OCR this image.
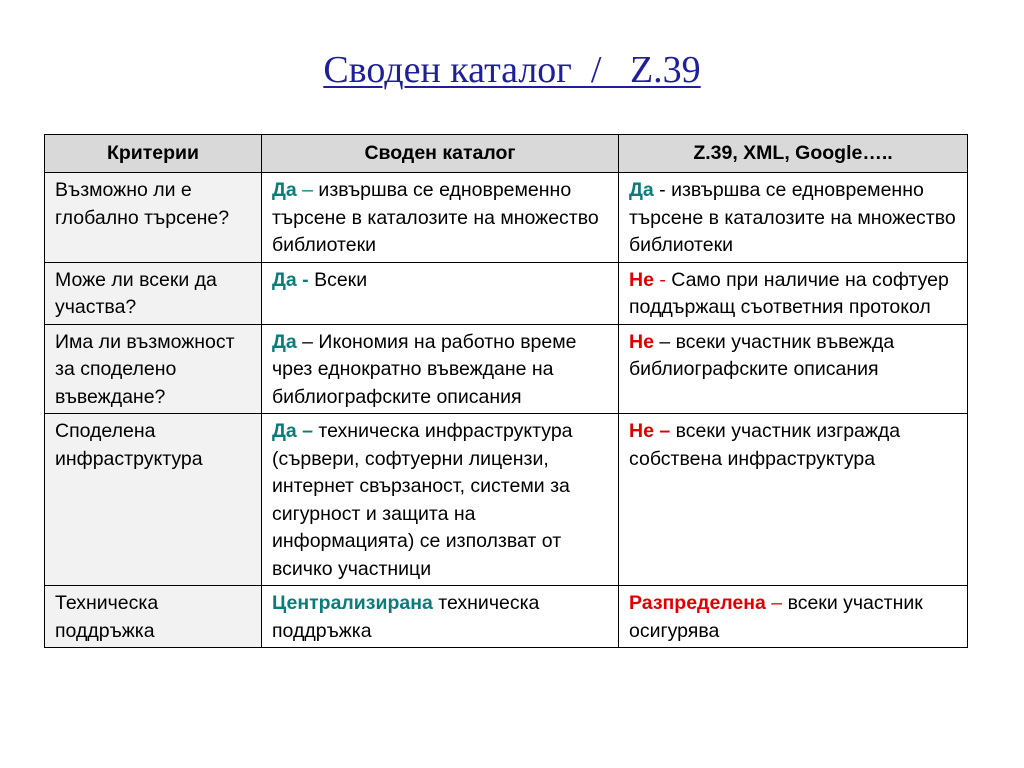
Сводeн каталог  /   Z.39
Критерии	Своден каталог	Z.39, XML, Google…..
Възможно ли е глобално търсене?	Да – извършва се едновременно търсене в каталозите на множество библиотеки	Да - извършва се едновременно търсене в каталозите на множество библиотеки
Може ли всеки да участва?	Да - Всеки	Не - Само при наличие на софтуер поддържащ съответния протокол
Има ли възможност за споделено въвеждане?	Да – Икономия на работно време чрез еднократно въвеждане на библиографските описания	Не – всеки участник въвежда библиографските описания
Споделена инфраструктура	Да – техническа инфраструктура (сървери, софтуерни лицензи, интернет свързаност, системи за сигурност и защита на информацията) се използват от всичко участници	Не – всеки участник изгражда собствена инфраструктура
Техническа поддръжка	Централизирана техническа поддръжка	Разпределена – всеки участник осигурява
